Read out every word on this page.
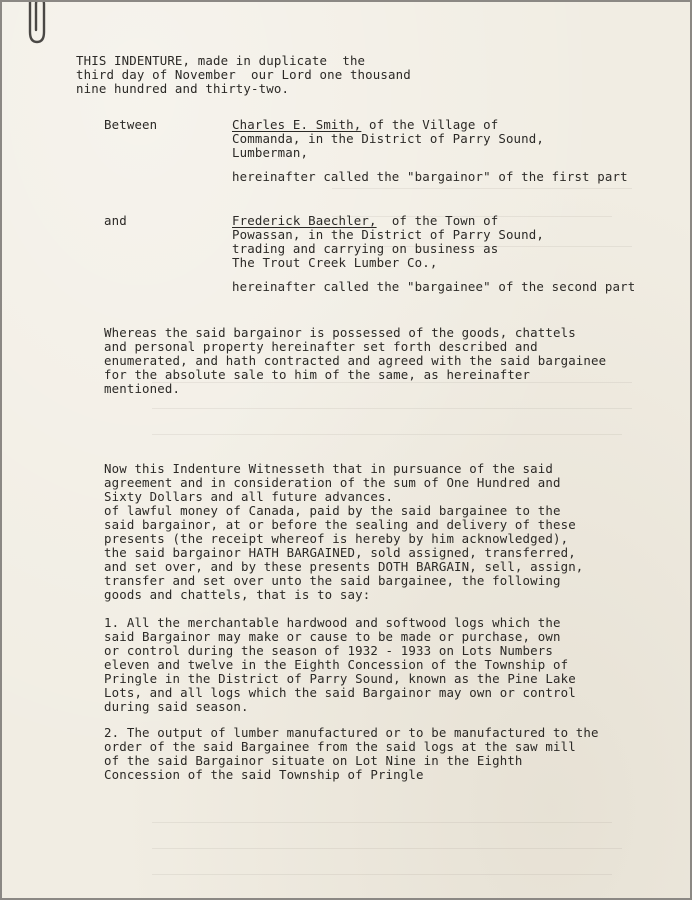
THIS INDENTURE, made in duplicate  the
third day of November  our Lord one thousand
nine hundred and thirty-two.
Between	Charles E. Smith, of the Village of
Commanda, in the District of Parry Sound,
Lumberman,
hereinafter called the "bargainor" of the first part
and	Frederick Baechler,  of the Town of
Powassan, in the District of Parry Sound,
trading and carrying on business as
The Trout Creek Lumber Co.,
hereinafter called the "bargainee" of the second part
Whereas the said bargainor is possessed of the goods, chattels
and personal property hereinafter set forth described and
enumerated, and hath contracted and agreed with the said bargainee
for the absolute sale to him of the same, as hereinafter
mentioned.
Now this Indenture Witnesseth that in pursuance of the said
agreement and in consideration of the sum of One Hundred and
Sixty Dollars and all future advances.
of lawful money of Canada, paid by the said bargainee to the
said bargainor, at or before the sealing and delivery of these
presents (the receipt whereof is hereby by him acknowledged),
the said bargainor HATH BARGAINED, sold assigned, transferred,
and set over, and by these presents DOTH BARGAIN, sell, assign,
transfer and set over unto the said bargainee, the following
goods and chattels, that is to say:
1. All the merchantable hardwood and softwood logs which the
said Bargainor may make or cause to be made or purchase, own
or control during the season of 1932 - 1933 on Lots Numbers
eleven and twelve in the Eighth Concession of the Township of
Pringle in the District of Parry Sound, known as the Pine Lake
Lots, and all logs which the said Bargainor may own or control
during said season.
2. The output of lumber manufactured or to be manufactured to the
order of the said Bargainee from the said logs at the saw mill
of the said Bargainor situate on Lot Nine in the Eighth
Concession of the said Township of Pringle
